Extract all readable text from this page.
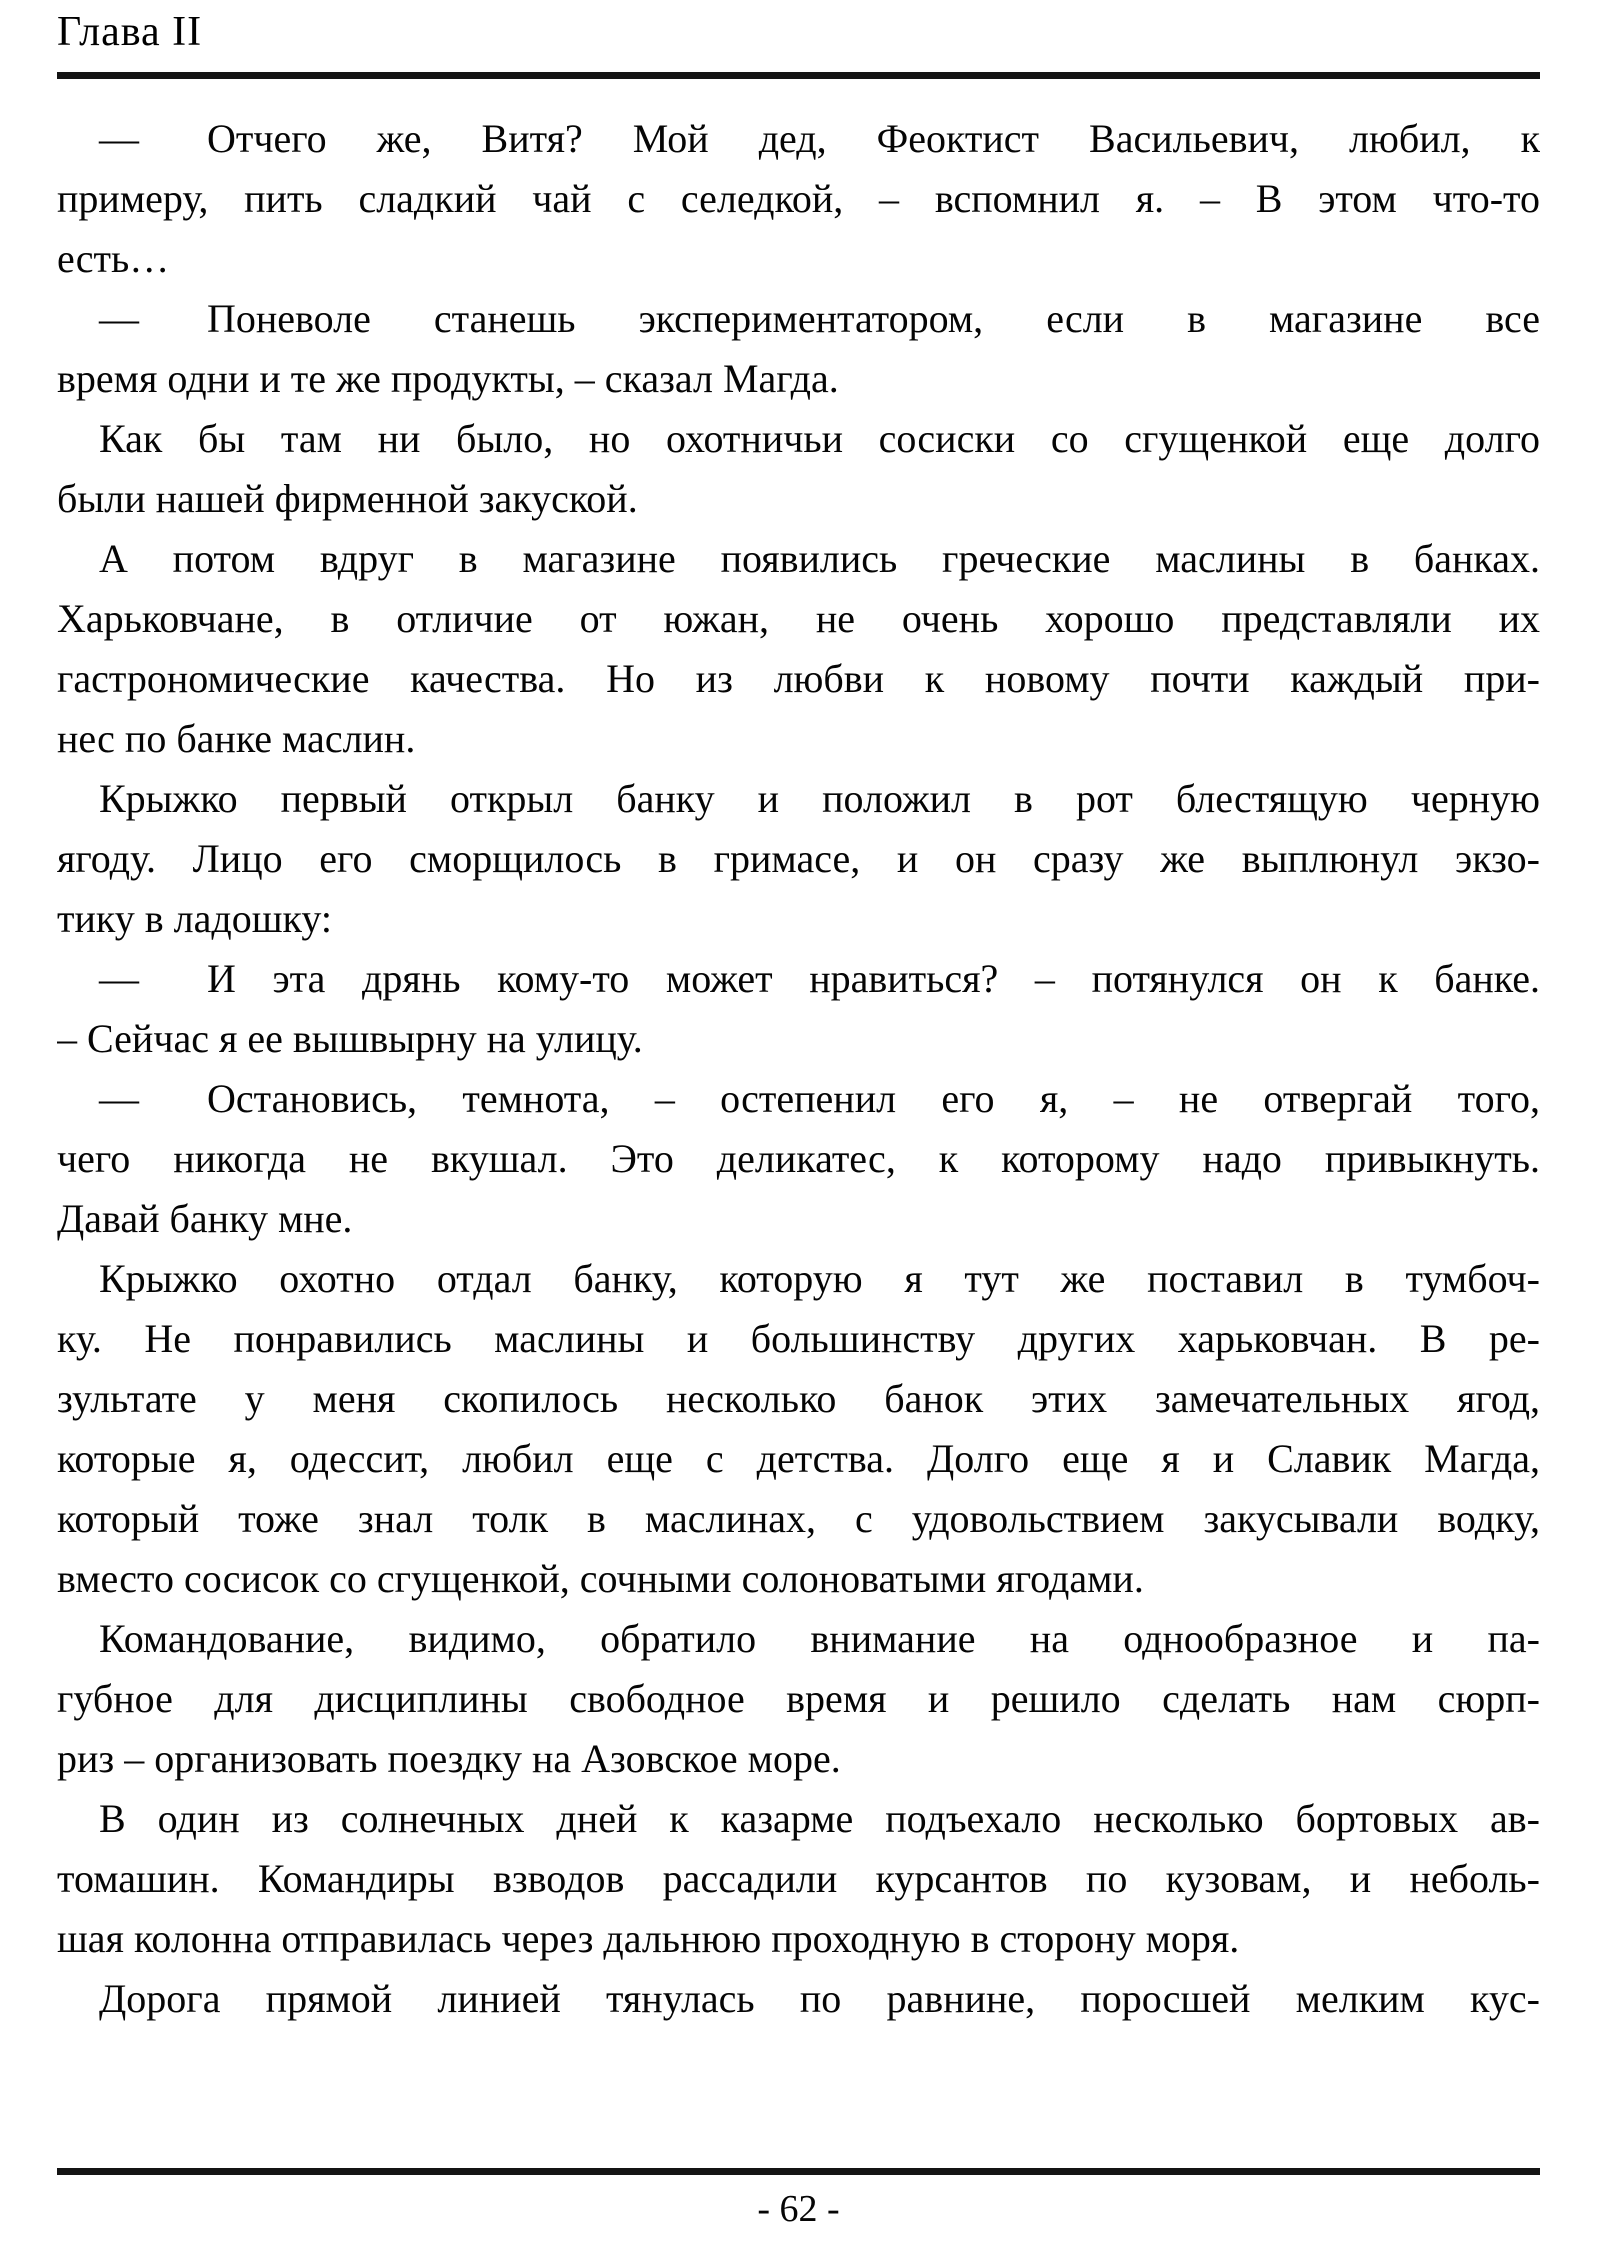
Глава II
— Отчего же, Витя? Мой дед, Феоктист Васильевич, любил, к
примеру, пить сладкий чай с селедкой, – вспомнил я. – В этом что-то
есть…
— Поневоле станешь экспериментатором, если в магазине все
время одни и те же продукты, – сказал Магда.
Как бы там ни было, но охотничьи сосиски со сгущенкой еще долго
были нашей фирменной закуской.
А потом вдруг в магазине появились греческие маслины в банках.
Харьковчане, в отличие от южан, не очень хорошо представляли их
гастрономические качества. Но из любви к новому почти каждый при-
нес по банке маслин.
Крыжко первый открыл банку и положил в рот блестящую черную
ягоду. Лицо его сморщилось в гримасе, и он сразу же выплюнул экзо-
тику в ладошку:
— И эта дрянь кому-то может нравиться? – потянулся он к банке.
– Сейчас я ее вышвырну на улицу.
— Остановись, темнота, – остепенил его я, – не отвергай того,
чего никогда не вкушал. Это деликатес, к которому надо привыкнуть.
Давай банку мне.
Крыжко охотно отдал банку, которую я тут же поставил в тумбоч-
ку. Не понравились маслины и большинству других харьковчан. В ре-
зультате у меня скопилось несколько банок этих замечательных ягод,
которые я, одессит, любил еще с детства. Долго еще я и Славик Магда,
который тоже знал толк в маслинах, с удовольствием закусывали водку,
вместо сосисок со сгущенкой, сочными солоноватыми ягодами.
Командование, видимо, обратило внимание на однообразное и па-
губное для дисциплины свободное время и решило сделать нам сюрп-
риз – организовать поездку на Азовское море.
В один из солнечных дней к казарме подъехало несколько бортовых ав-
томашин. Командиры взводов рассадили курсантов по кузовам, и неболь-
шая колонна отправилась через дальнюю проходную в сторону моря.
Дорога прямой линией тянулась по равнине, поросшей мелким кус-
- 62 -
